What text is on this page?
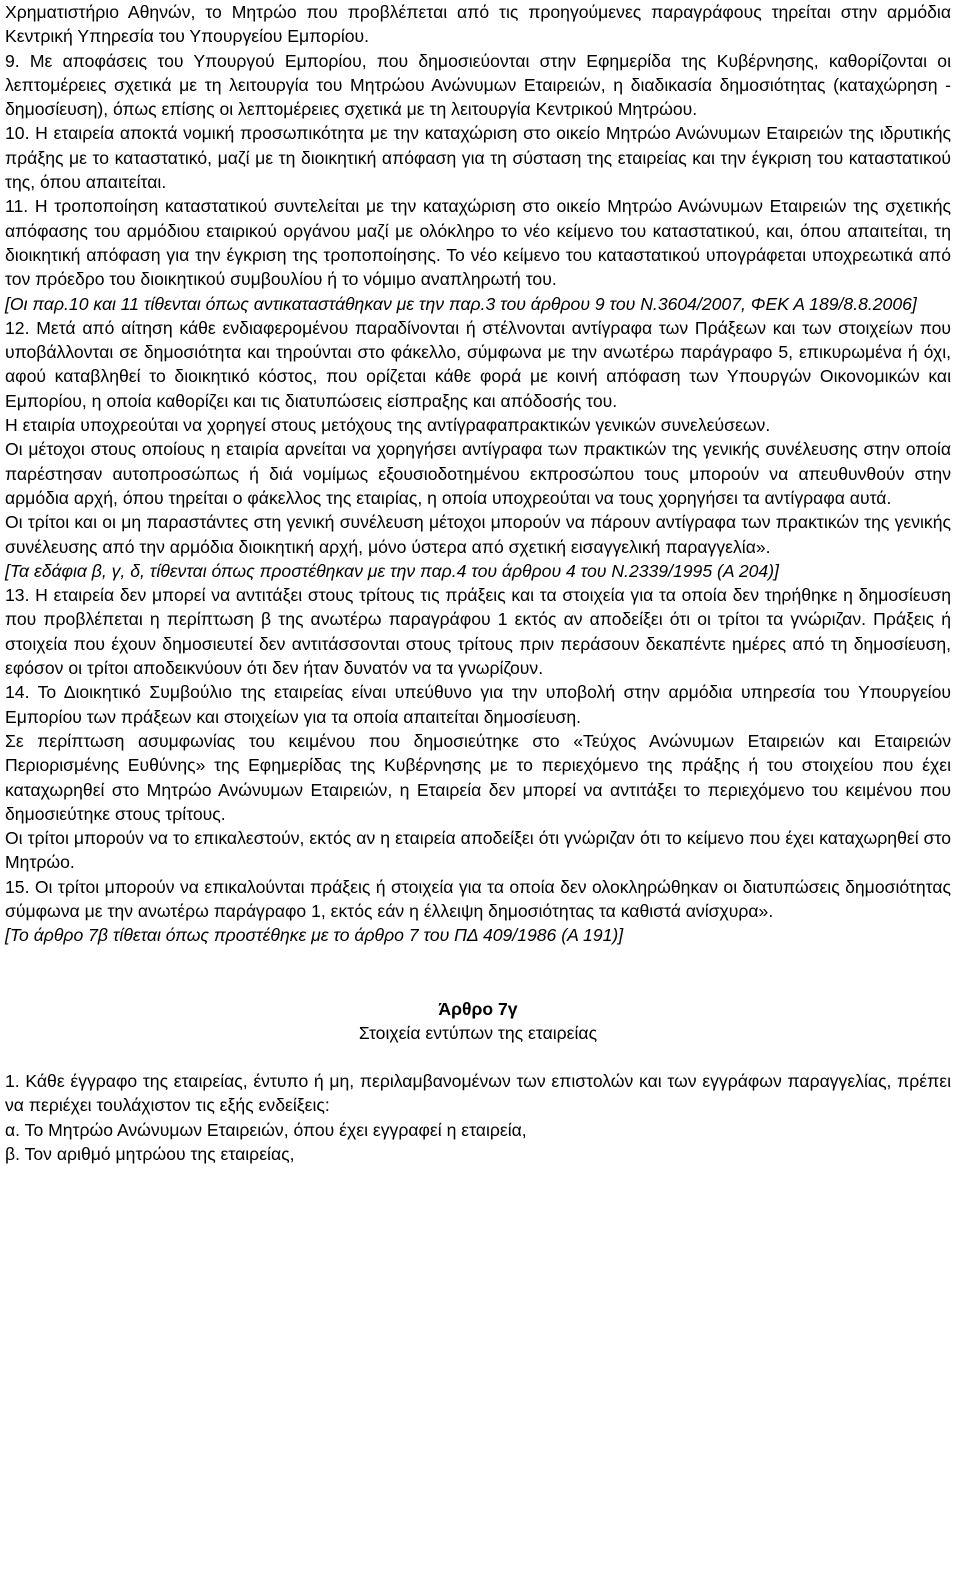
Χρηματιστήριο Αθηνών, το Μητρώο που προβλέπεται από τις προηγούμενες παραγράφους τηρείται στην αρμόδια Κεντρική Υπηρεσία του Υπουργείου Εμπορίου.

9. Με αποφάσεις του Υπουργού Εμπορίου, που δημοσιεύονται στην Εφημερίδα της Κυβέρνησης, καθορίζονται οι λεπτομέρειες σχετικά με τη λειτουργία του Μητρώου Ανώνυμων Εταιρειών, η διαδικασία δημοσιότητας (καταχώρηση - δημοσίευση), όπως επίσης οι λεπτομέρειες σχετικά με τη λειτουργία Κεντρικού Μητρώου.

10. Η εταιρεία αποκτά νομική προσωπικότητα με την καταχώριση στο οικείο Μητρώο Ανώνυμων Εταιρειών της ιδρυτικής πράξης με το καταστατικό, μαζί με τη διοικητική απόφαση για τη σύσταση της εταιρείας και την έγκριση του καταστατικού της, όπου απαιτείται.

11. Η τροποποίηση καταστατικού συντελείται με την καταχώριση στο οικείο Μητρώο Ανώνυμων Εταιρειών της σχετικής απόφασης του αρμόδιου εταιρικού οργάνου μαζί με ολόκληρο το νέο κείμενο του καταστατικού, και, όπου απαιτείται, τη διοικητική απόφαση για την έγκριση της τροποποίησης. Το νέο κείμενο του καταστατικού υπογράφεται υποχρεωτικά από τον πρόεδρο του διοικητικού συμβουλίου ή το νόμιμο αναπληρωτή του.

[Οι παρ.10 και 11 τίθενται όπως αντικαταστάθηκαν με την παρ.3 του άρθρου 9 του Ν.3604/2007, ΦΕΚ Α 189/8.8.2006]

12. Μετά από αίτηση κάθε ενδιαφερομένου παραδίνονται ή στέλνονται αντίγραφα των Πράξεων και των στοιχείων που υποβάλλονται σε δημοσιότητα και τηρούνται στο φάκελλο, σύμφωνα με την ανωτέρω παράγραφο 5, επικυρωμένα ή όχι, αφού καταβληθεί το διοικητικό κόστος, που ορίζεται κάθε φορά με κοινή απόφαση των Υπουργών Οικονομικών και Εμπορίου, η οποία καθορίζει και τις διατυπώσεις είσπραξης και απόδοσής του.

Η εταιρία υποχρεούται να χορηγεί στους μετόχους της αντίγραφαπρακτικών γενικών συνελεύσεων.

Οι μέτοχοι στους οποίους η εταιρία αρνείται να χορηγήσει αντίγραφα των πρακτικών της γενικής συνέλευσης στην οποία παρέστησαν αυτοπροσώπως ή διά νομίμως εξουσιοδοτημένου εκπροσώπου τους μπορούν να απευθυνθούν στην αρμόδια αρχή, όπου τηρείται ο φάκελλος της εταιρίας, η οποία υποχρεούται να τους χορηγήσει τα αντίγραφα αυτά.

Οι τρίτοι και οι μη παραστάντες στη γενική συνέλευση μέτοχοι μπορούν να πάρουν αντίγραφα των πρακτικών της γενικής συνέλευσης από την αρμόδια διοικητική αρχή, μόνο ύστερα από σχετική εισαγγελική παραγγελία».

[Τα εδάφια β, γ, δ, τίθενται όπως προστέθηκαν με την παρ.4 του άρθρου 4 του Ν.2339/1995 (Α 204)]

13. Η εταιρεία δεν μπορεί να αντιτάξει στους τρίτους τις πράξεις και τα στοιχεία για τα οποία δεν τηρήθηκε η δημοσίευση που προβλέπεται η περίπτωση β της ανωτέρω παραγράφου 1 εκτός αν αποδείξει ότι οι τρίτοι τα γνώριζαν. Πράξεις ή στοιχεία που έχουν δημοσιευτεί δεν αντιτάσσονται στους τρίτους πριν περάσουν δεκαπέντε ημέρες από τη δημοσίευση, εφόσον οι τρίτοι αποδεικνύουν ότι δεν ήταν δυνατόν να τα γνωρίζουν.

14. Το Διοικητικό Συμβούλιο της εταιρείας είναι υπεύθυνο για την υποβολή στην αρμόδια υπηρεσία του Υπουργείου Εμπορίου των πράξεων και στοιχείων για τα οποία απαιτείται δημοσίευση.

Σε περίπτωση ασυμφωνίας του κειμένου που δημοσιεύτηκε στο «Τεύχος Ανώνυμων Εταιρειών και Εταιρειών Περιορισμένης Ευθύνης» της Εφημερίδας της Κυβέρνησης με το περιεχόμενο της πράξης ή του στοιχείου που έχει καταχωρηθεί στο Μητρώο Ανώνυμων Εταιρειών, η Εταιρεία δεν μπορεί να αντιτάξει το περιεχόμενο του κειμένου που δημοσιεύτηκε στους τρίτους.

Οι τρίτοι μπορούν να το επικαλεστούν, εκτός αν η εταιρεία αποδείξει ότι γνώριζαν ότι το κείμενο που έχει καταχωρηθεί στο Μητρώο.

15. Οι τρίτοι μπορούν να επικαλούνται πράξεις ή στοιχεία για τα οποία δεν ολοκληρώθηκαν οι διατυπώσεις δημοσιότητας σύμφωνα με την ανωτέρω παράγραφο 1, εκτός εάν η έλλειψη δημοσιότητας τα καθιστά ανίσχυρα».

[Το άρθρο 7β τίθεται όπως προστέθηκε με το άρθρο 7 του ΠΔ 409/1986 (Α 191)]

Άρθρο 7γ

Στοιχεία εντύπων της εταιρείας

1. Κάθε έγγραφο της εταιρείας, έντυπο ή μη, περιλαμβανομένων των επιστολών και των εγγράφων παραγγελίας, πρέπει να περιέχει τουλάχιστον τις εξής ενδείξεις:

α. Το Μητρώο Ανώνυμων Εταιρειών, όπου έχει εγγραφεί η εταιρεία,

β. Τον αριθμό μητρώου της εταιρείας,
